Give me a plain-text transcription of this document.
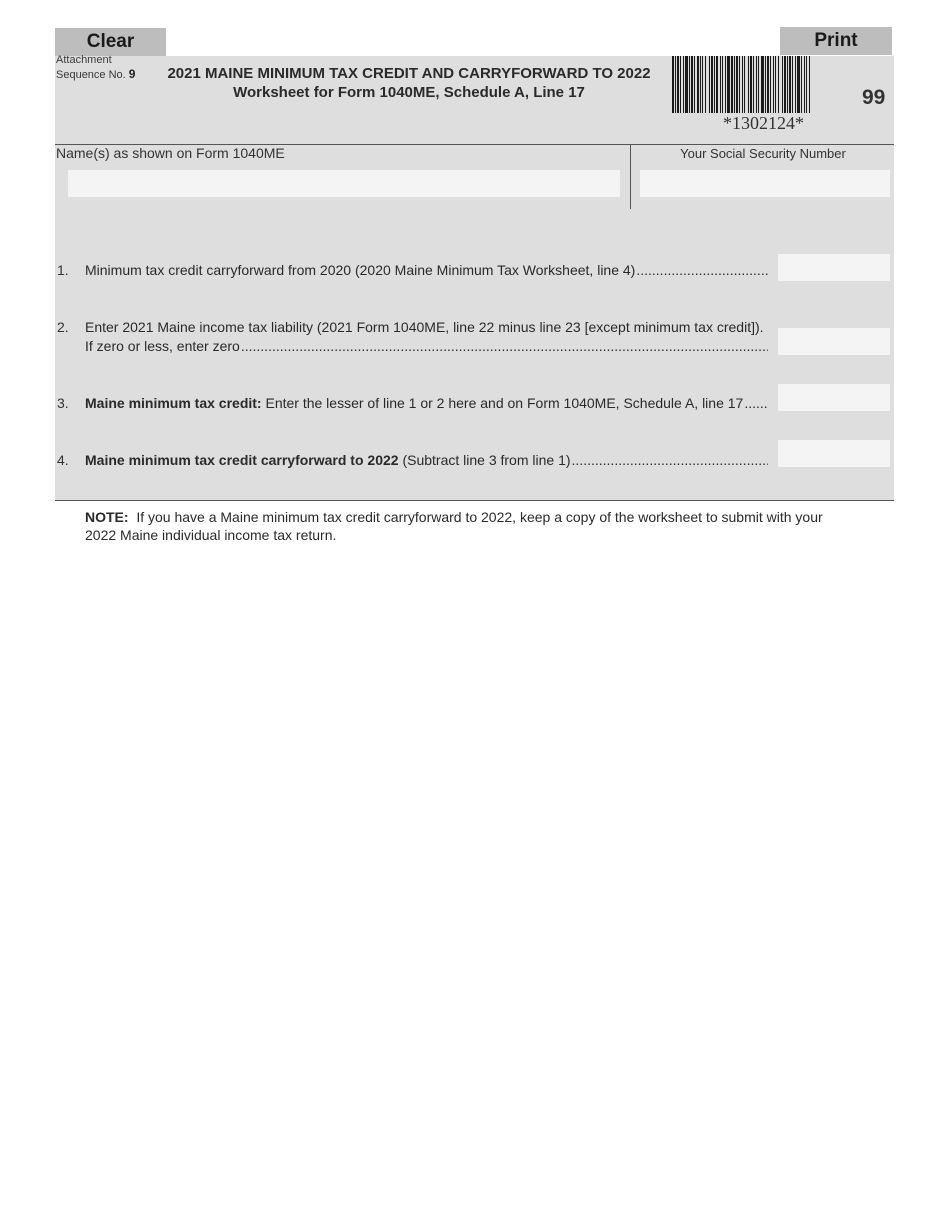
Clear	Print
Attachment
Sequence No. 9	2021 MAINE MINIMUM TAX CREDIT AND CARRYFORWARD TO 2022
Worksheet for Form 1040ME, Schedule A, Line 17
*1302124*
99
Name(s) as shown on Form 1040ME	Your Social Security Number
1. Minimum tax credit carryforward from 2020 (2020 Maine Minimum Tax Worksheet, line 4)
.....
2. Enter 2021 Maine income tax liability (2021 Form 1040ME, line 22 minus line 23 [except minimum tax credit]).
If zero or less, enter zero
.....
3. Maine minimum tax credit: Enter the lesser of line 1 or 2 here and on Form 1040ME, Schedule A, line 17
.....
4. Maine minimum tax credit carryforward to 2022 (Subtract line 3 from line 1)
.....
NOTE: If you have a Maine minimum tax credit carryforward to 2022, keep a copy of the worksheet to submit with your 2022 Maine individual income tax return.
